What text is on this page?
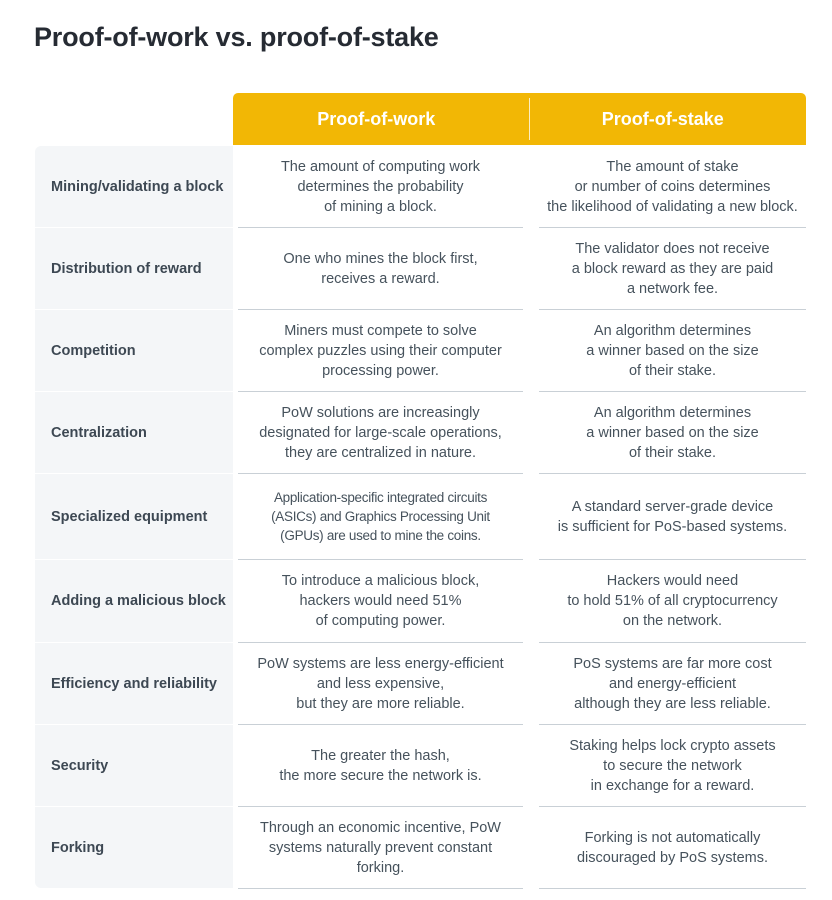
Proof-of-work vs. proof-of-stake
Proof-of-work	Proof-of-stake
Mining/validating a block
The amount of computing work
determines the probability
of mining a block.
The amount of stake
or number of coins determines
the likelihood of validating a new block.
Distribution of reward
One who mines the block first,
receives a reward.
The validator does not receive
a block reward as they are paid
a network fee.
Competition
Miners must compete to solve
complex puzzles using their computer
processing power.
An algorithm determines
a winner based on the size
of their stake.
Centralization
PoW solutions are increasingly
designated for large-scale operations,
they are centralized in nature.
An algorithm determines
a winner based on the size
of their stake.
Specialized equipment
Application-specific integrated circuits
(ASICs) and Graphics Processing Unit
(GPUs) are used to mine the coins.
A standard server-grade device
is sufficient for PoS-based systems.
Adding a malicious block
To introduce a malicious block,
hackers would need 51%
of computing power.
Hackers would need
to hold 51% of all cryptocurrency
on the network.
Efficiency and reliability
PoW systems are less energy-efficient
and less expensive,
but they are more reliable.
PoS systems are far more cost
and energy-efficient
although they are less reliable.
Security
The greater the hash,
the more secure the network is.
Staking helps lock crypto assets
to secure the network
in exchange for a reward.
Forking
Through an economic incentive, PoW
systems naturally prevent constant
forking.
Forking is not automatically
discouraged by PoS systems.
